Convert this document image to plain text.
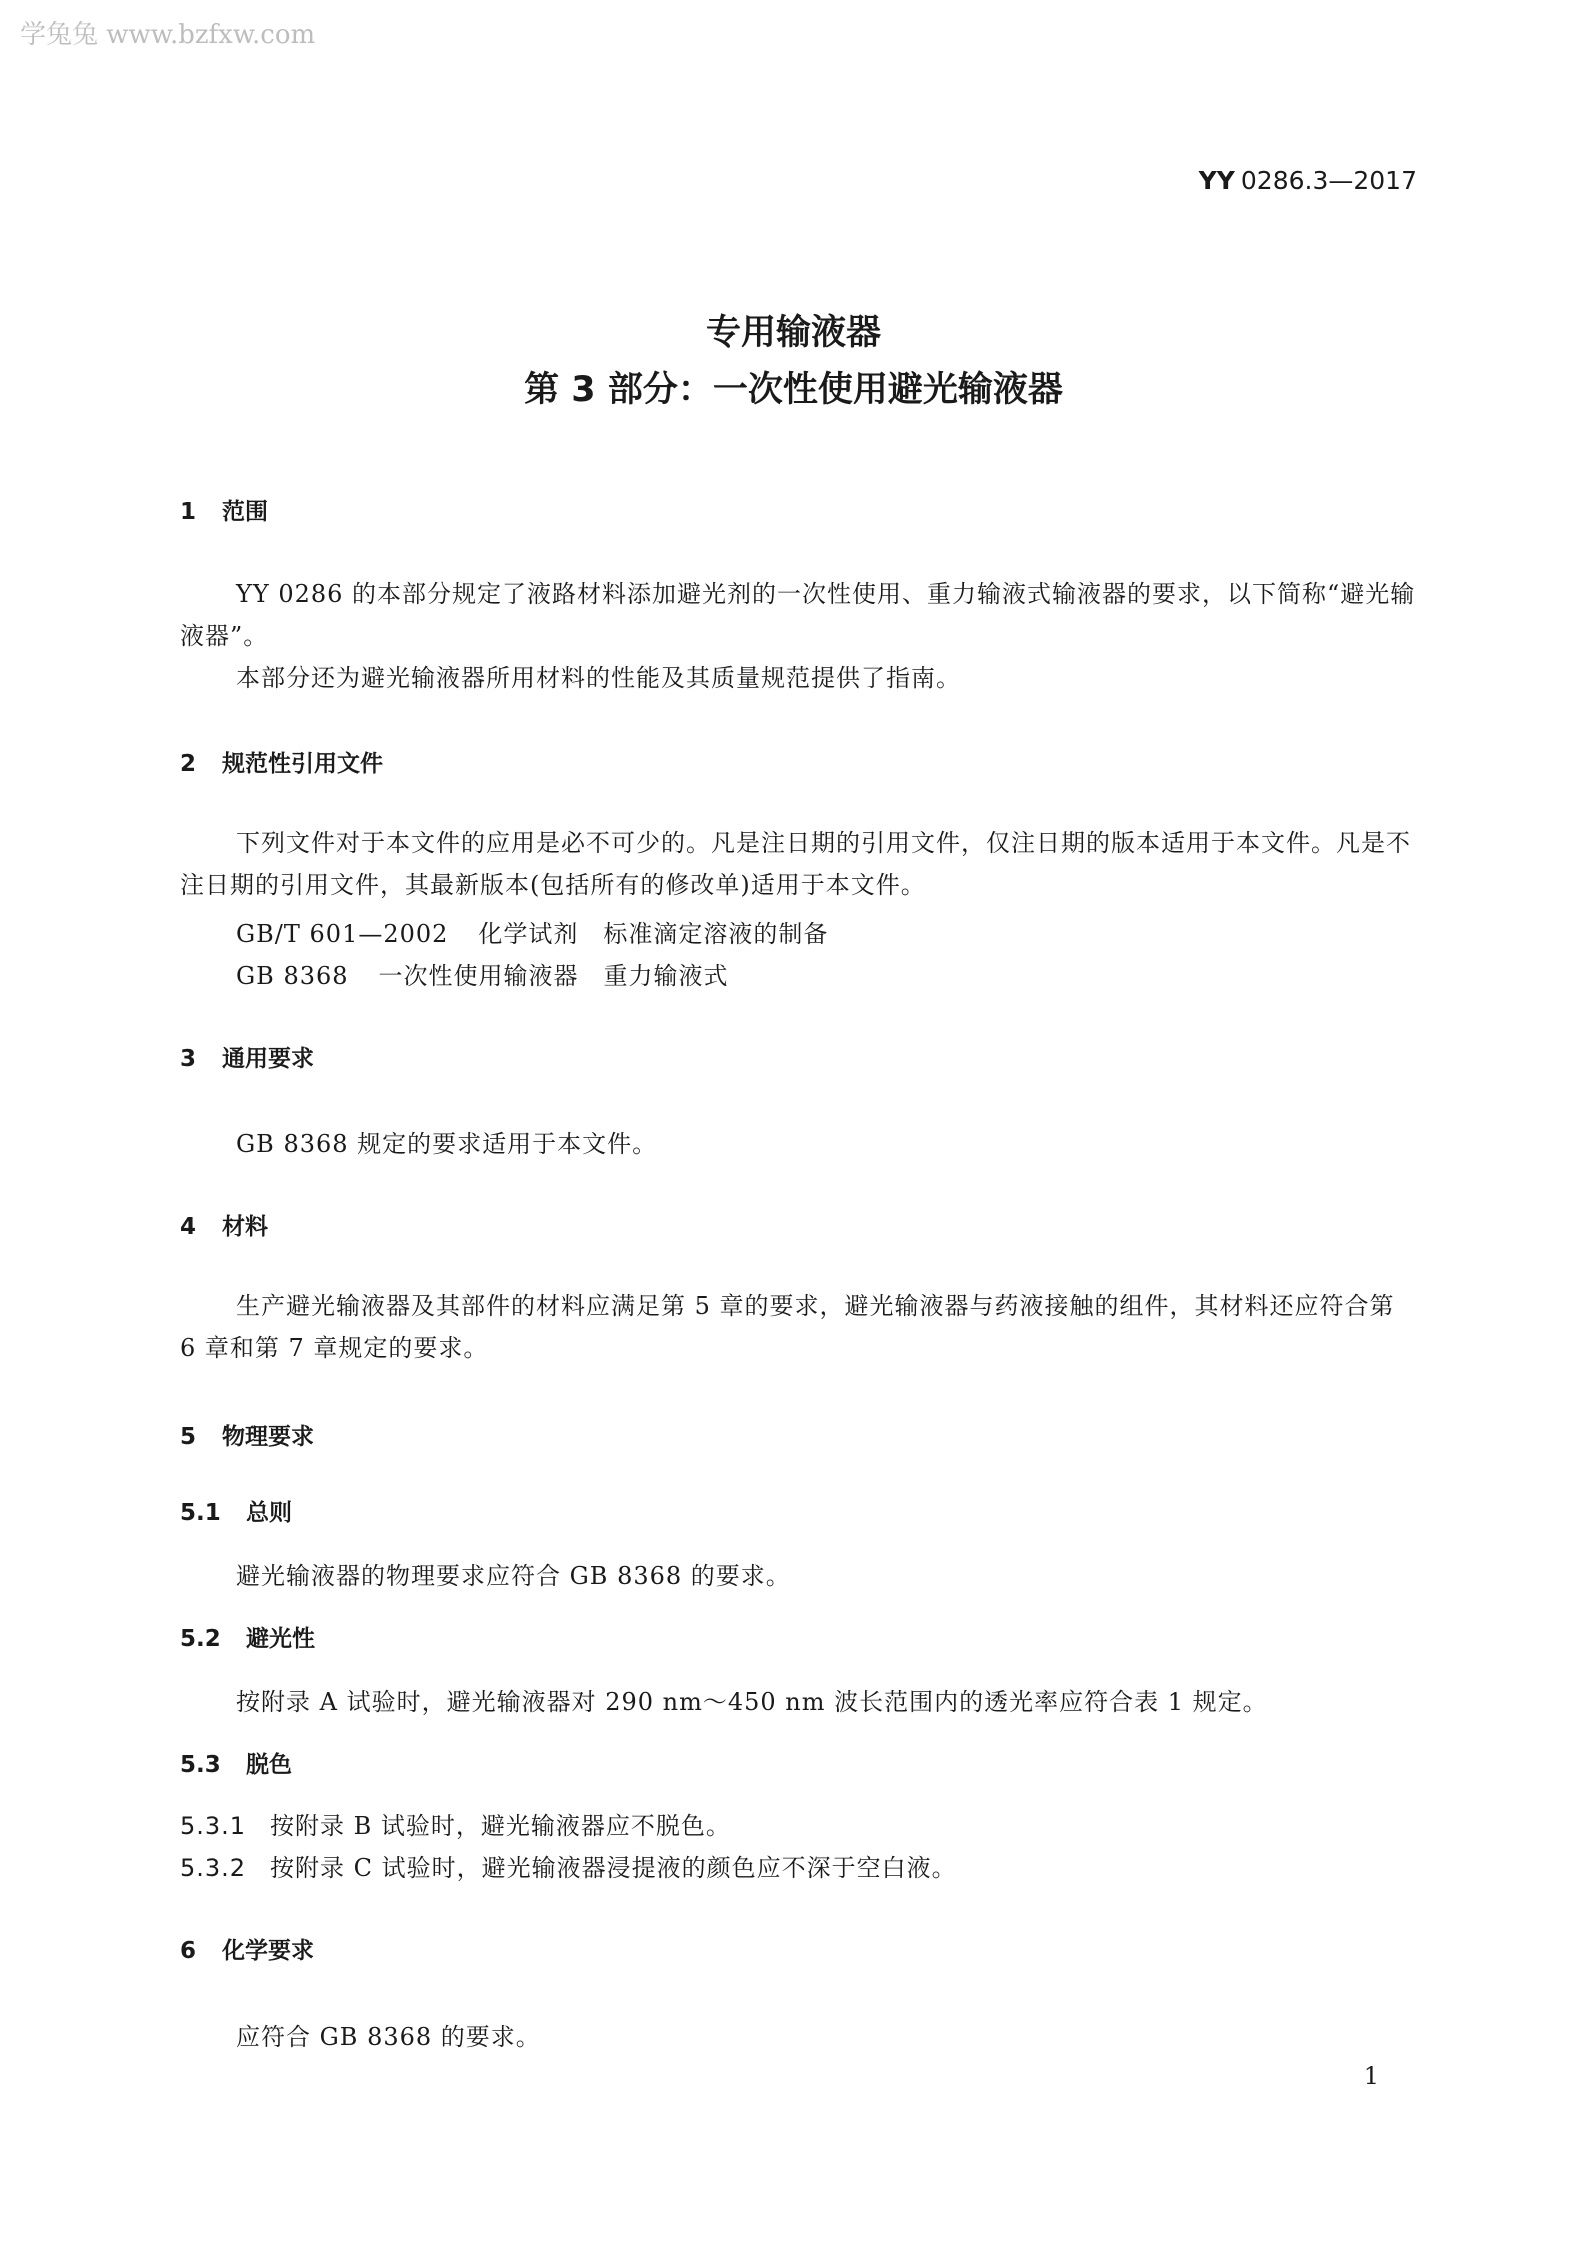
学兔兔 www.bzfxw.com
YY 0286.3—2017
专用输液器
第 3 部分：一次性使用避光输液器
1 范围
YY 0286 的本部分规定了液路材料添加避光剂的一次性使用、重力输液式输液器的要求，以下简称“避光输液器”。
本部分还为避光输液器所用材料的性能及其质量规范提供了指南。
2 规范性引用文件
下列文件对于本文件的应用是必不可少的。凡是注日期的引用文件，仅注日期的版本适用于本文件。凡是不注日期的引用文件，其最新版本(包括所有的修改单)适用于本文件。
GB/T 601—2002 化学试剂　标准滴定溶液的制备
GB 8368 一次性使用输液器　重力输液式
3 通用要求
GB 8368 规定的要求适用于本文件。
4 材料
生产避光输液器及其部件的材料应满足第 5 章的要求，避光输液器与药液接触的组件，其材料还应符合第 6 章和第 7 章规定的要求。
5 物理要求
5.1 总则
避光输液器的物理要求应符合 GB 8368 的要求。
5.2 避光性
按附录 A 试验时，避光输液器对 290 nm～450 nm 波长范围内的透光率应符合表 1 规定。
5.3 脱色
5.3.1 按附录 B 试验时，避光输液器应不脱色。
5.3.2 按附录 C 试验时，避光输液器浸提液的颜色应不深于空白液。
6 化学要求
应符合 GB 8368 的要求。
1
